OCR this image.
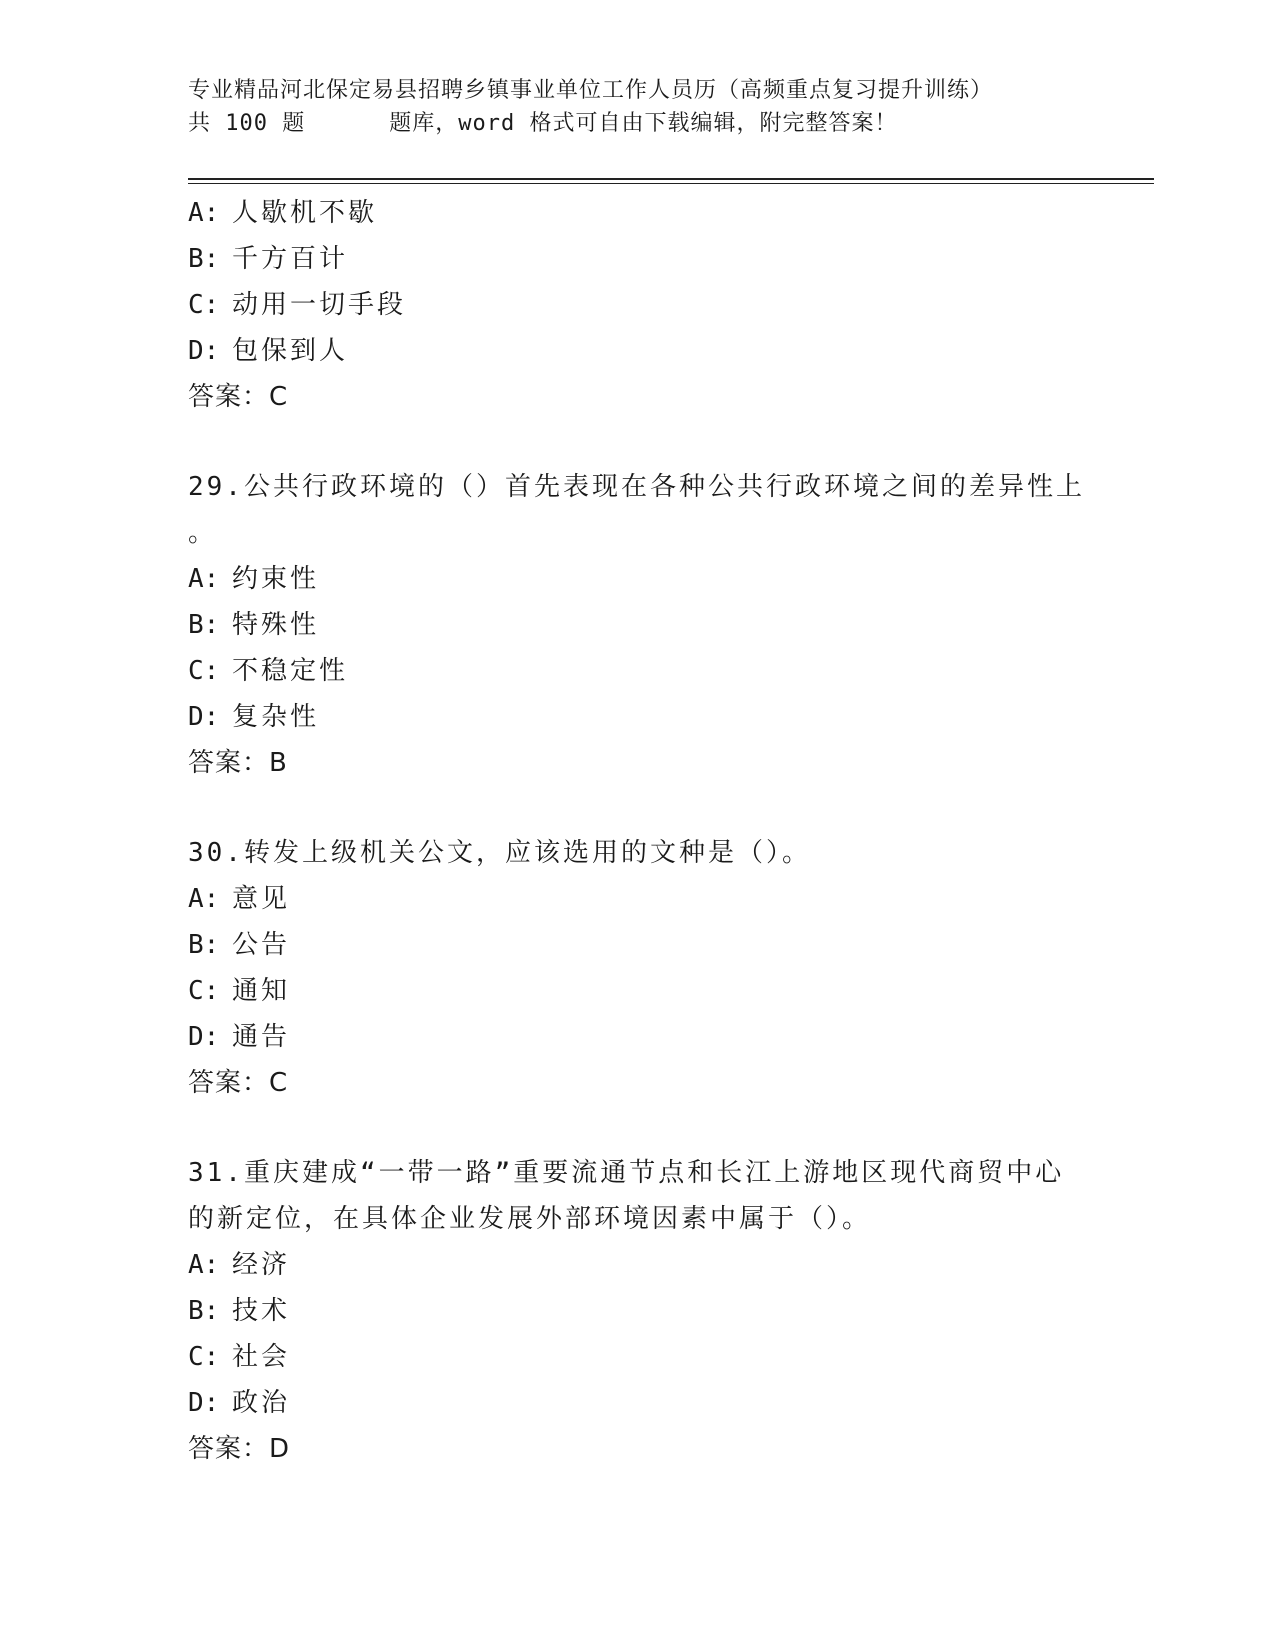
专业精品河北保定易县招聘乡镇事业单位工作人员历（高频重点复习提升训练）
共 100 题	题库，word 格式可自由下载编辑，附完整答案！
A: 人歇机不歇
B: 千方百计
C: 动用一切手段
D: 包保到人
答案：C
29.公共行政环境的（）首先表现在各种公共行政环境之间的差异性上
。
A: 约束性
B: 特殊性
C: 不稳定性
D: 复杂性
答案：B
30.转发上级机关公文，应该选用的文种是（）。
A: 意见
B: 公告
C: 通知
D: 通告
答案：C
31.重庆建成“一带一路”重要流通节点和长江上游地区现代商贸中心
的新定位，在具体企业发展外部环境因素中属于（）。
A: 经济
B: 技术
C: 社会
D: 政治
答案：D
